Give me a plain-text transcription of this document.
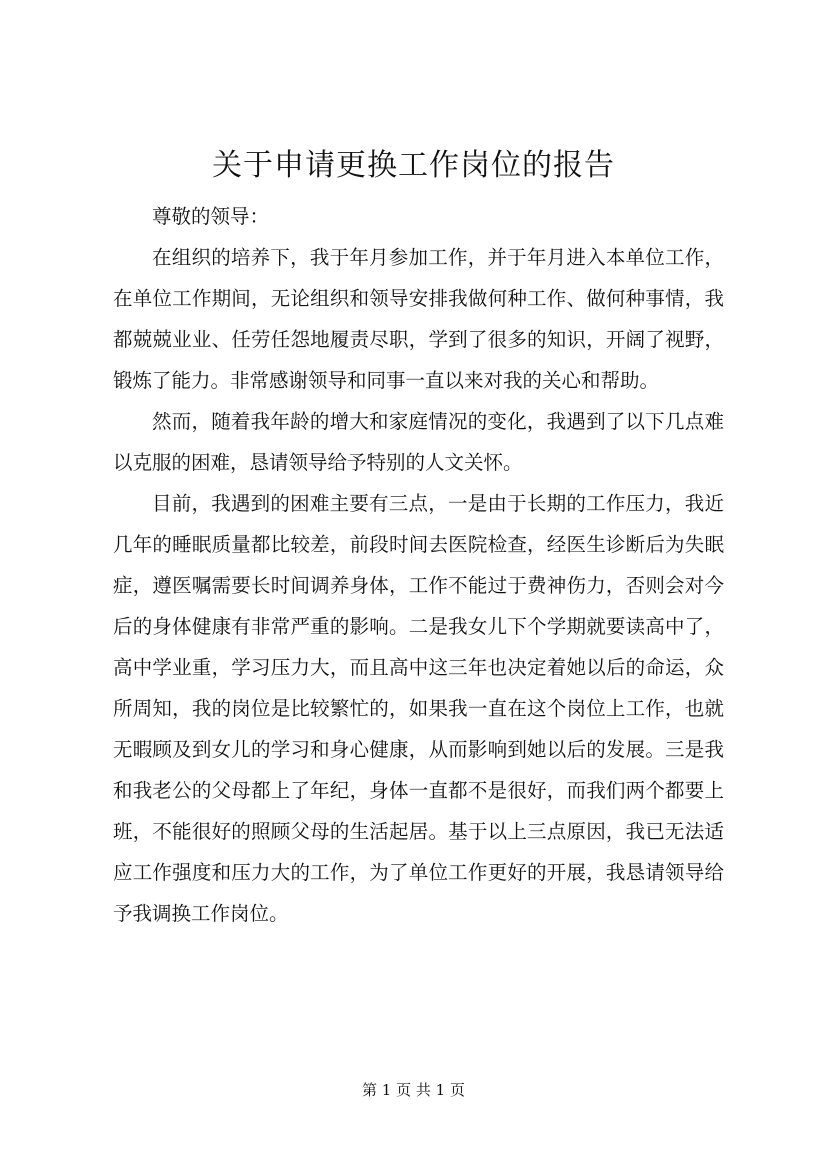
关于申请更换工作岗位的报告

尊敬的领导：

在组织的培养下，我于年月参加工作，并于年月进入本单位工作，在单位工作期间，无论组织和领导安排我做何种工作、做何种事情，我都兢兢业业、任劳任怨地履责尽职，学到了很多的知识，开阔了视野，锻炼了能力。非常感谢领导和同事一直以来对我的关心和帮助。

然而，随着我年龄的增大和家庭情况的变化，我遇到了以下几点难以克服的困难，恳请领导给予特别的人文关怀。

目前，我遇到的困难主要有三点，一是由于长期的工作压力，我近几年的睡眠质量都比较差，前段时间去医院检查，经医生诊断后为失眠症，遵医嘱需要长时间调养身体，工作不能过于费神伤力，否则会对今后的身体健康有非常严重的影响。二是我女儿下个学期就要读高中了，高中学业重，学习压力大，而且高中这三年也决定着她以后的命运，众所周知，我的岗位是比较繁忙的，如果我一直在这个岗位上工作，也就无暇顾及到女儿的学习和身心健康，从而影响到她以后的发展。三是我和我老公的父母都上了年纪，身体一直都不是很好，而我们两个都要上班，不能很好的照顾父母的生活起居。基于以上三点原因，我已无法适应工作强度和压力大的工作，为了单位工作更好的开展，我恳请领导给予我调换工作岗位。

第 1 页 共 1 页
